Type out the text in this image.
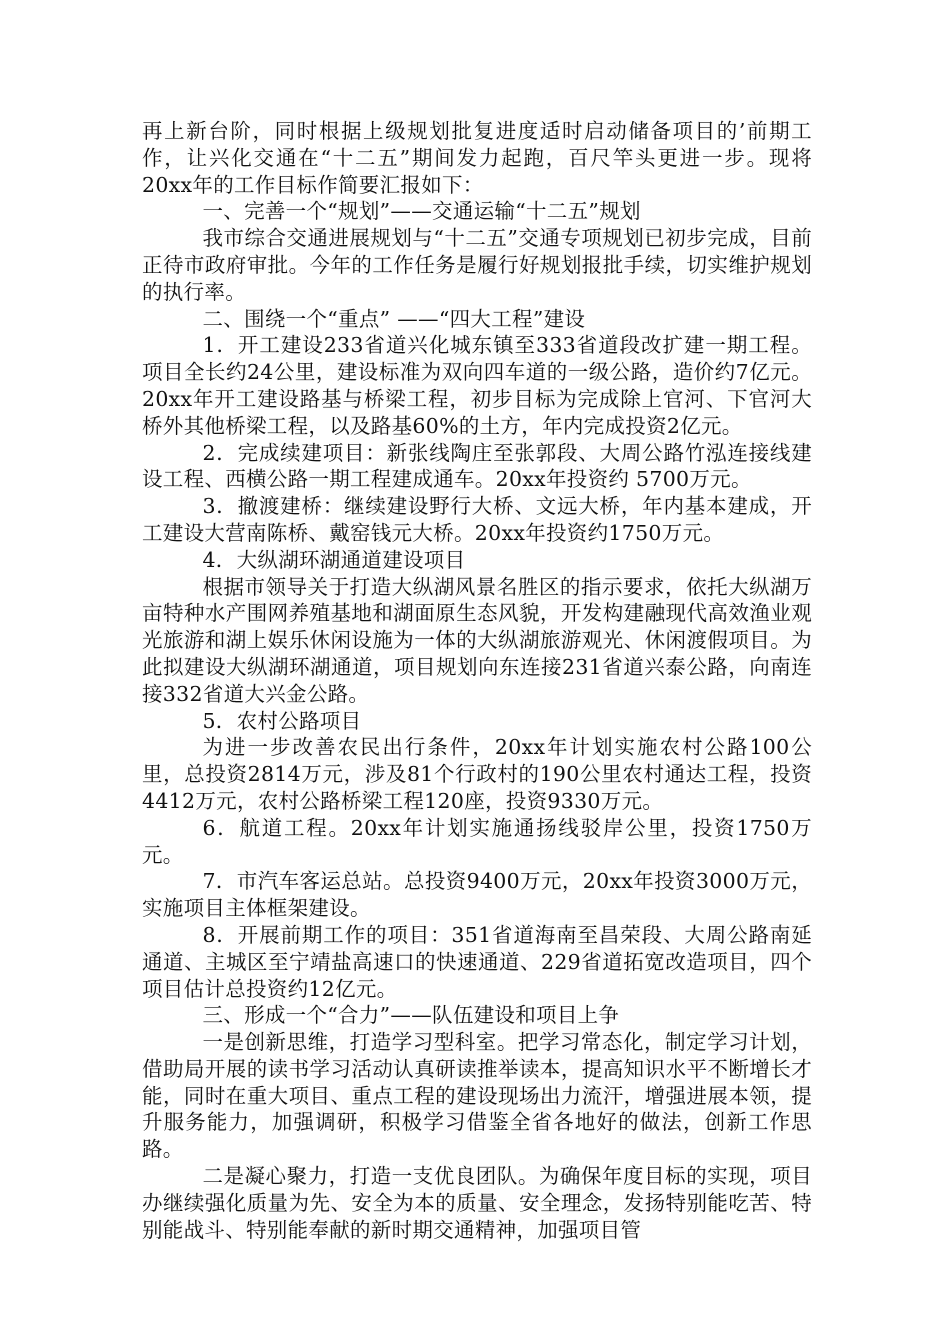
再上新台阶，同时根据上级规划批复进度适时启动储备项目的’前期工作，让兴化交通在“十二五”期间发力起跑，百尺竿头更进一步。现将20xx年的工作目标作简要汇报如下：

一、完善一个“规划”——交通运输“十二五”规划

我市综合交通进展规划与“十二五”交通专项规划已初步完成，目前正待市政府审批。今年的工作任务是履行好规划报批手续，切实维护规划的执行率。

二、围绕一个“重点” ——“四大工程”建设

1．开工建设233省道兴化城东镇至333省道段改扩建一期工程。项目全长约24公里，建设标准为双向四车道的一级公路，造价约7亿元。20xx年开工建设路基与桥梁工程，初步目标为完成除上官河、下官河大桥外其他桥梁工程，以及路基60%的土方，年内完成投资2亿元。

2．完成续建项目：新张线陶庄至张郭段、大周公路竹泓连接线建设工程、西横公路一期工程建成通车。20xx年投资约 5700万元。

3．撤渡建桥：继续建设野行大桥、文远大桥，年内基本建成，开工建设大营南陈桥、戴窑钱元大桥。20xx年投资约1750万元。

4．大纵湖环湖通道建设项目

根据市领导关于打造大纵湖风景名胜区的指示要求，依托大纵湖万亩特种水产围网养殖基地和湖面原生态风貌，开发构建融现代高效渔业观光旅游和湖上娱乐休闲设施为一体的大纵湖旅游观光、休闲渡假项目。为此拟建设大纵湖环湖通道，项目规划向东连接231省道兴泰公路，向南连接332省道大兴金公路。

5．农村公路项目

为进一步改善农民出行条件，20xx年计划实施农村公路100公里，总投资2814万元，涉及81个行政村的190公里农村通达工程，投资4412万元，农村公路桥梁工程120座，投资9330万元。

6．航道工程。20xx年计划实施通扬线驳岸公里，投资1750万元。

7．市汽车客运总站。总投资9400万元，20xx年投资3000万元，实施项目主体框架建设。

8．开展前期工作的项目：351省道海南至昌荣段、大周公路南延通道、主城区至宁靖盐高速口的快速通道、229省道拓宽改造项目，四个项目估计总投资约12亿元。

三、形成一个“合力”——队伍建设和项目上争

一是创新思维，打造学习型科室。把学习常态化，制定学习计划，借助局开展的读书学习活动认真研读推举读本，提高知识水平不断增长才能，同时在重大项目、重点工程的建设现场出力流汗，增强进展本领，提升服务能力，加强调研，积极学习借鉴全省各地好的做法，创新工作思路。

二是凝心聚力，打造一支优良团队。为确保年度目标的实现，项目办继续强化质量为先、安全为本的质量、安全理念，发扬特别能吃苦、特别能战斗、特别能奉献的新时期交通精神，加强项目管
